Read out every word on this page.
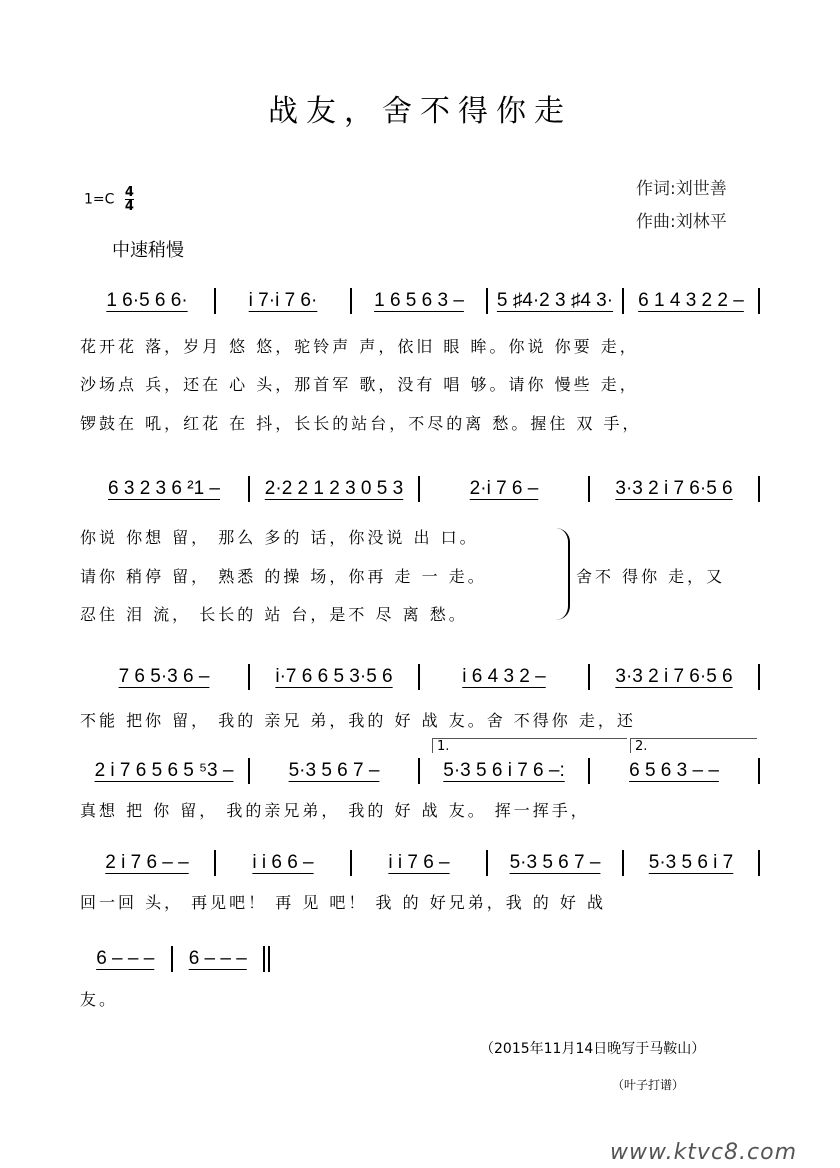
战友，舍不得你走
$1=C \frac{4}{4}$	作词:刘世善
作曲:刘林平
中速稍慢
1 6·5 6 6·	i 7·i 7 6·	1 6 5 6 3 –	5 ♯4·2 3 ♯4 3·	6 1 4 3 2 2 –
花开花 落，岁月 悠 悠，驼铃声 声，依旧 眼 眸。你说 你要 走，
沙场点 兵，还在 心 头，那首军 歌，没有 唱 够。请你 慢些 走，
锣鼓在 吼，红花 在 抖，长长的站台，不尽的离 愁。握住 双 手，
6 3 2 3 6 ²1 –	2·2 2 1 2 3 0 5 3	2·i 7 6 –	3·3 2 i 7 6·5 6
你说 你想 留， 那么 多的 话，你没说 出 口。
请你 稍停 留， 熟悉 的操 场，你再 走 一 走。
忍住 泪 流， 长长的 站 台，是不 尽 离 愁。
7 6 5·3 6 –	i·7 6 6 5 3·5 6	i 6 4 3 2 –	3·3 2 i 7 6·5 6
不能 把你 留， 我的 亲兄 弟，我的 好 战 友。舍 不得你 走，还
2 i 7 6 5 6 5 ⁵3 –	5·3 5 6 7 –	5·3 5 6 i 7 6 –:	6 5 6 3 – –
真想 把 你 留， 我的亲兄弟， 我的 好 战 友。 挥一挥手，
2 i 7 6 – –	i i 6 6 –	i i 7 6 –	5·3 5 6 7 –	5·3 5 6 i 7
回一回 头， 再见吧！ 再 见 吧！ 我 的 好兄弟，我 的 好 战
6 – – –	6 – – –
友。
舍不 得你 走，又
1.	2.
（2015年11月14日晚写于马鞍山）
（叶子打谱）
www.ktvc8.com
